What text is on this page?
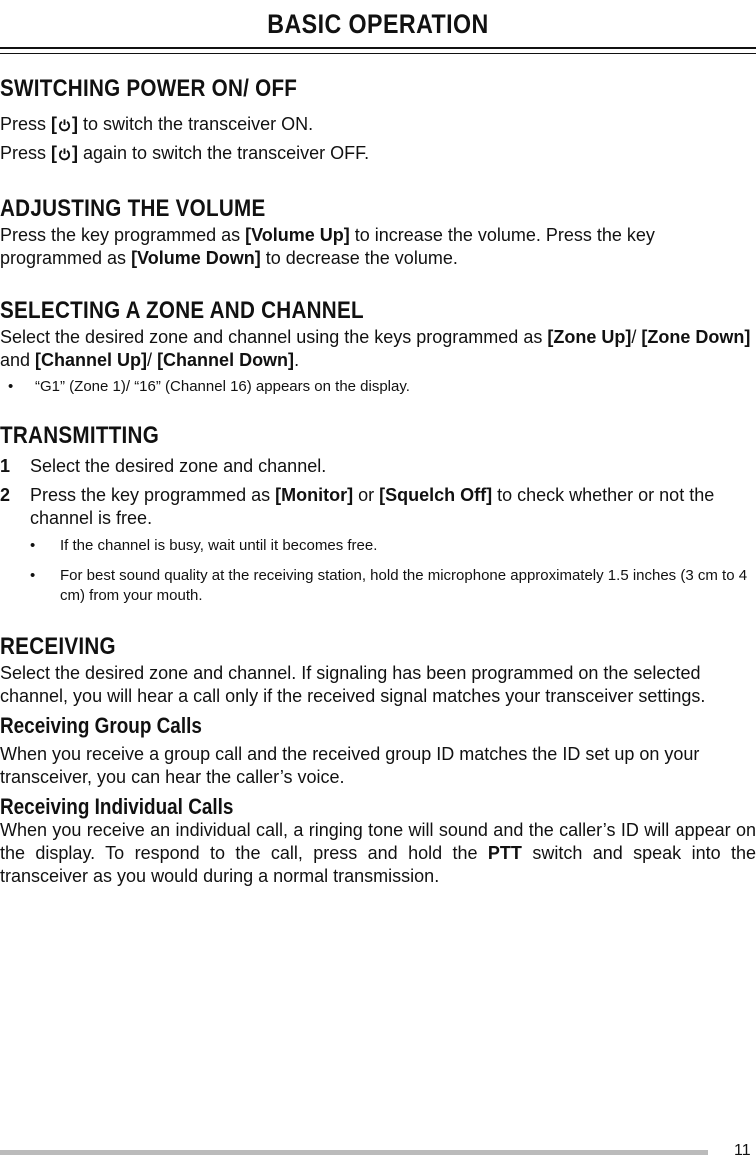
BASIC OPERATION
SWITCHING POWER ON/ OFF

Press [ ] to switch the transceiver ON.

Press [ ] again to switch the transceiver OFF.

ADJUSTING THE VOLUME

Press the key programmed as [Volume Up] to increase the volume. Press the key programmed as [Volume Down] to decrease the volume.

SELECTING A ZONE AND CHANNEL

Select the desired zone and channel using the keys programmed as [Zone Up]/ [Zone Down] and [Channel Up]/ [Channel Down].

• “G1” (Zone 1)/ “16” (Channel 16) appears on the display.
TRANSMITTING
1 Select the desired zone and channel.
2 Press the key programmed as [Monitor] or [Squelch Off] to check whether or not the channel is free.
• If the channel is busy, wait until it becomes free.
• For best sound quality at the receiving station, hold the microphone approximately 1.5 inches (3 cm to 4 cm) from your mouth.
RECEIVING

Select the desired zone and channel. If signaling has been programmed on the selected channel, you will hear a call only if the received signal matches your transceiver settings.

Receiving Group Calls

When you receive a group call and the received group ID matches the ID set up on your transceiver, you can hear the caller’s voice.

Receiving Individual Calls

When you receive an individual call, a ringing tone will sound and the caller’s ID will appear on the display. To respond to the call, press and hold the PTT switch and speak into the transceiver as you would during a normal transmission.

11
